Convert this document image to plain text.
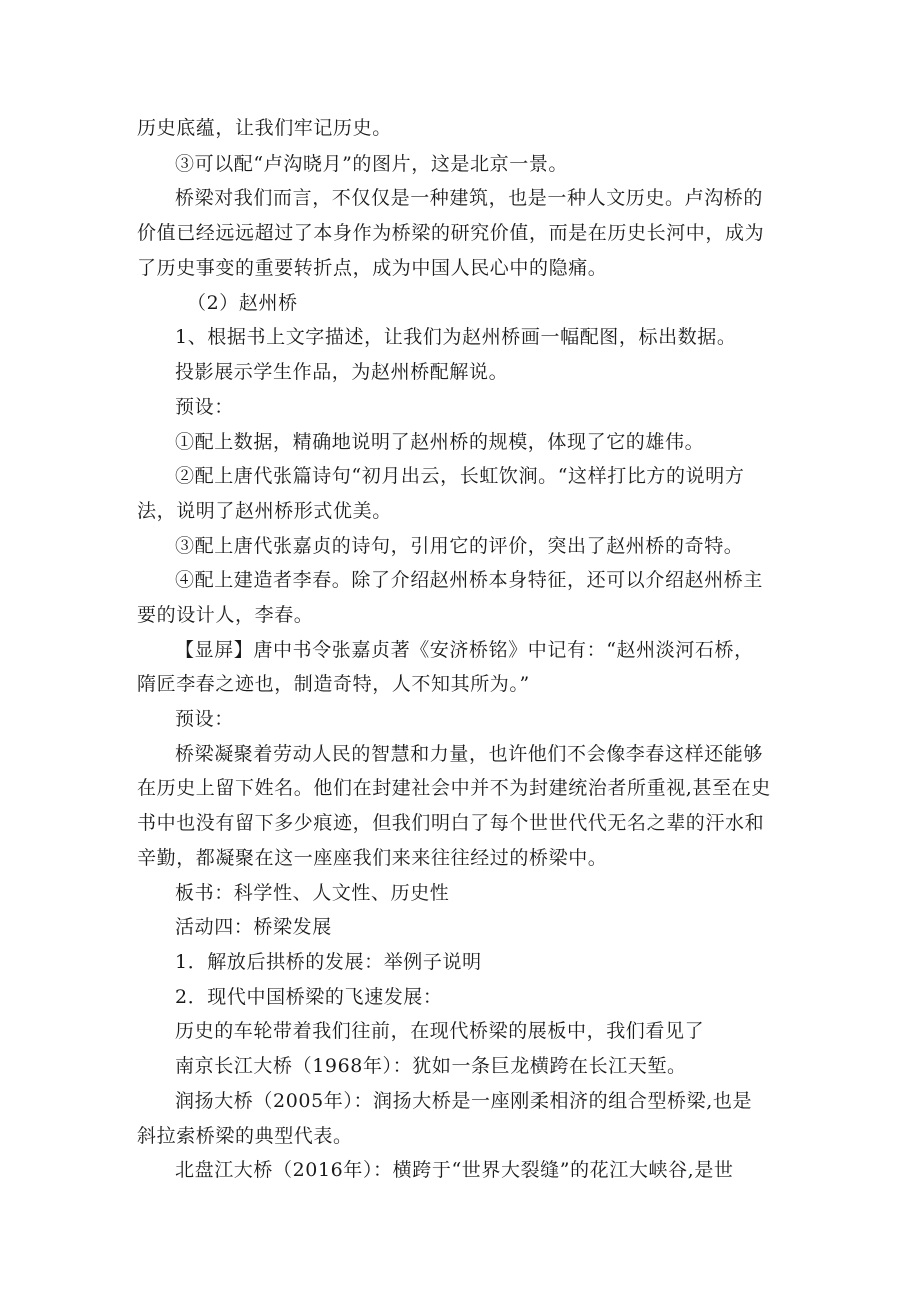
历史底蕴，让我们牢记历史。
③可以配“卢沟晓月”的图片，这是北京一景。
桥梁对我们而言，不仅仅是一种建筑，也是一种人文历史。卢沟桥的
价值已经远远超过了本身作为桥梁的研究价值，而是在历史长河中，成为
了历史事变的重要转折点，成为中国人民心中的隐痛。
（2）赵州桥
1、根据书上文字描述，让我们为赵州桥画一幅配图，标出数据。
投影展示学生作品，为赵州桥配解说。
预设：
①配上数据，精确地说明了赵州桥的规模，体现了它的雄伟。
②配上唐代张篇诗句“初月出云，长虹饮涧。“这样打比方的说明方
法，说明了赵州桥形式优美。
③配上唐代张嘉贞的诗句，引用它的评价，突出了赵州桥的奇特。
④配上建造者李春。除了介绍赵州桥本身特征，还可以介绍赵州桥主
要的设计人，李春。
【显屏】唐中书令张嘉贞著《安济桥铭》中记有：“赵州淡河石桥，
隋匠李春之迹也，制造奇特，人不知其所为。”
预设：
桥梁凝聚着劳动人民的智慧和力量，也许他们不会像李春这样还能够
在历史上留下姓名。他们在封建社会中并不为封建统治者所重视,甚至在史
书中也没有留下多少痕迹，但我们明白了每个世世代代无名之辈的汗水和
辛勤，都凝聚在这一座座我们来来往往经过的桥梁中。
板书：科学性、人文性、历史性
活动四：桥梁发展
1．解放后拱桥的发展：举例子说明
2．现代中国桥梁的飞速发展：
历史的车轮带着我们往前，在现代桥梁的展板中，我们看见了
南京长江大桥（1968年）：犹如一条巨龙横跨在长江天堑。
润扬大桥（2005年）：润扬大桥是一座刚柔相济的组合型桥梁,也是
斜拉索桥梁的典型代表。
北盘江大桥（2016年）：横跨于“世界大裂缝”的花江大峡谷,是世
